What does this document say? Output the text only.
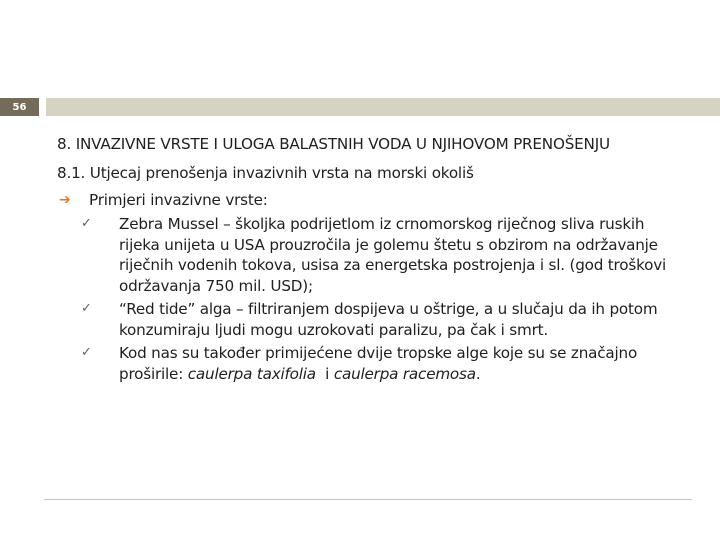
56
8. INVAZIVNE VRSTE I ULOGA BALASTNIH VODA U NJIHOVOM PRENOŠENJU
8.1. Utjecaj prenošenja invazivnih vrsta na morski okoliš
➔	Primjeri invazivne vrste:
✓	Zebra Mussel – školjka podrijetlom iz crnomorskog riječnog sliva ruskih rijeka unijeta u USA prouzročila je golemu štetu s obzirom na održavanje riječnih vodenih tokova, usisa za energetska postrojenja i sl. (god troškovi održavanja 750 mil. USD);
✓	“Red tide” alga – filtriranjem dospijeva u oštrige, a u slučaju da ih potom konzumiraju ljudi mogu uzrokovati paralizu, pa čak i smrt.
✓	Kod nas su također primijećene dvije tropske alge koje su se značajno proširile: caulerpa taxifolia i caulerpa racemosa.
